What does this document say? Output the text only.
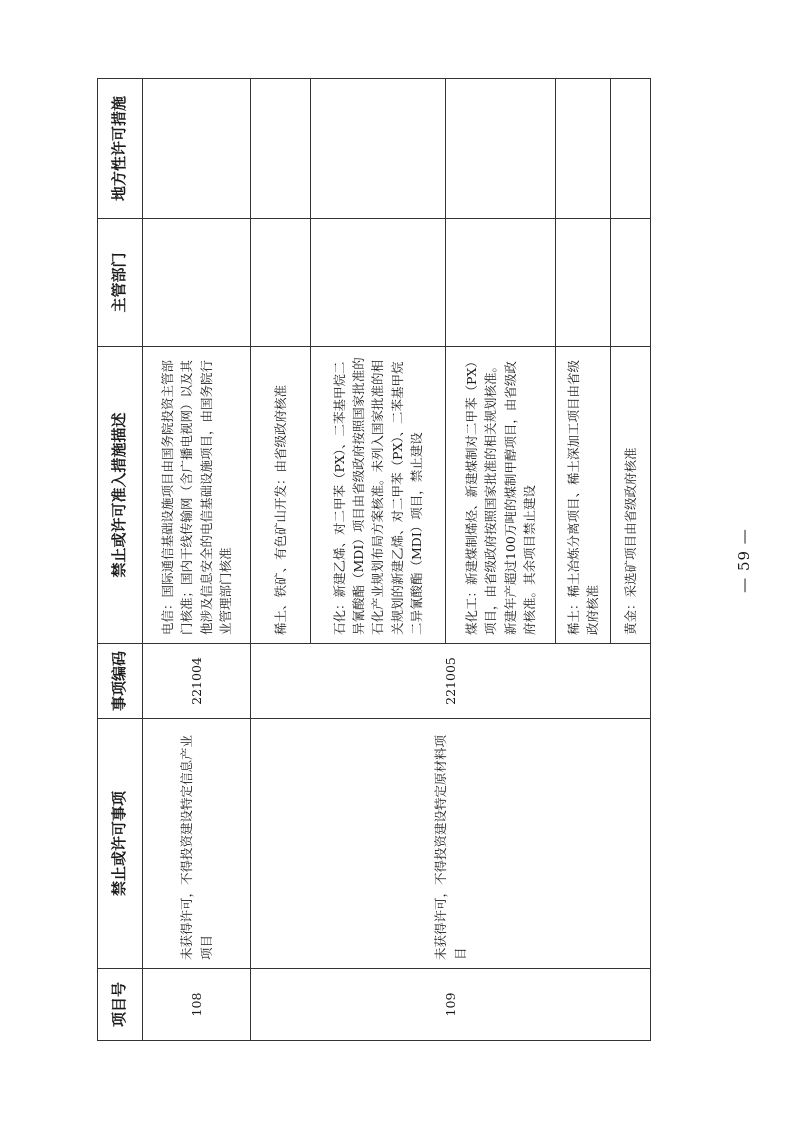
项目号	禁止或许可事项	事项编码	禁止或许可准入措施描述	主管部门	地方性许可措施
108	未获得许可，不得投资建设特定信息产业项目	221004	电信：国际通信基础设施项目由国务院投资主管部门核准；国内干线传输网（含广播电视网）以及其他涉及信息安全的电信基础设施项目，由国务院行业管理部门核准		
109	未获得许可，不得投资建设特定原材料项目	221005	稀土、铁矿、有色矿山开发：由省级政府核准		
			石化：新建乙烯、对二甲苯（PX）、二苯基甲烷二异氰酸酯（MDI）项目由省级政府按照国家批准的石化产业规划布局方案核准。未列入国家批准的相关规划的新建乙烯、对二甲苯（PX）、二苯基甲烷二异氰酸酯（MDI）项目，禁止建设		
			煤化工：新建煤制烯烃、新建煤制对二甲苯（PX）项目，由省级政府按照国家批准的相关规划核准。新建年产超过100万吨的煤制甲醇项目，由省级政府核准。其余项目禁止建设		
			稀土：稀土冶炼分离项目、稀土深加工项目由省级政府核准		
			黄金：采选矿项目由省级政府核准			— 59 —
